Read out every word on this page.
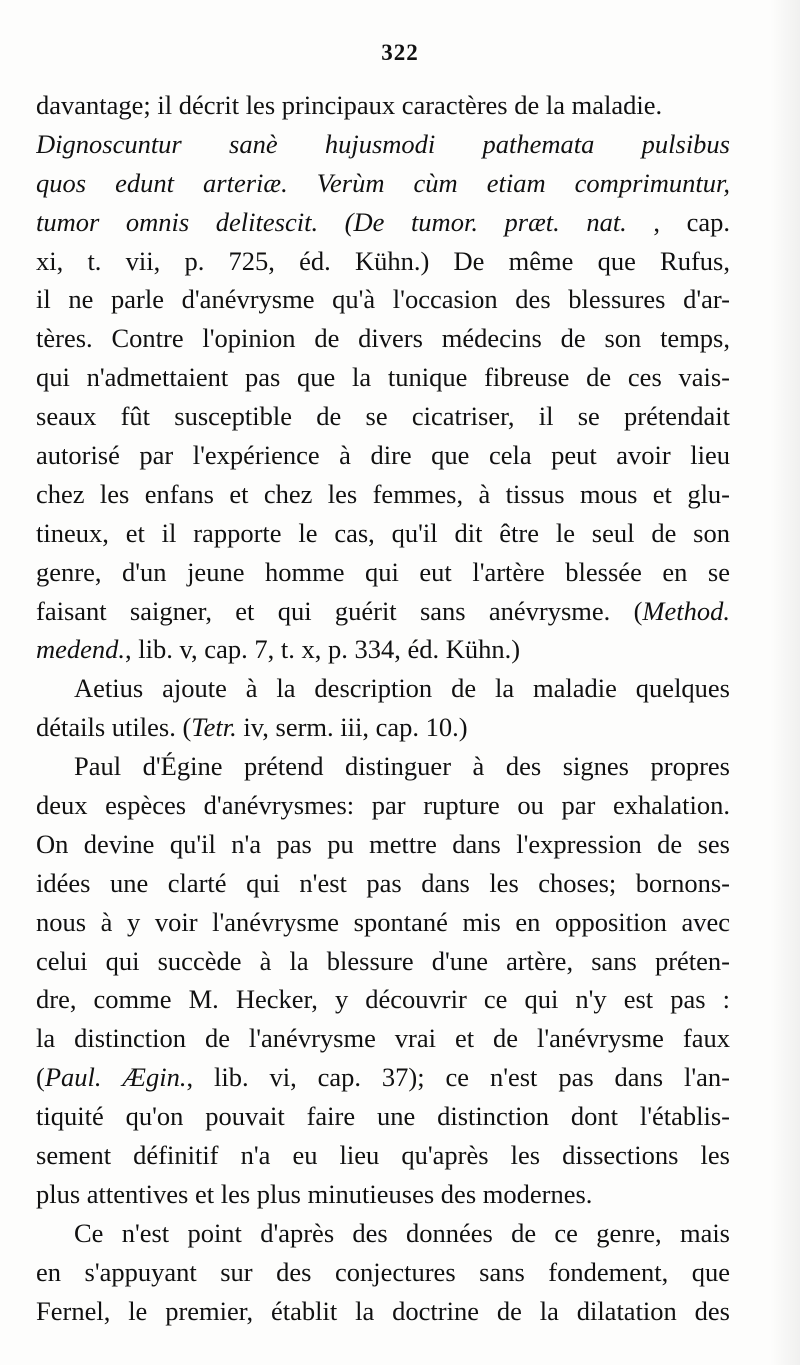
322
davantage; il décrit les principaux caractères de la maladie.
Dignoscuntur sanè hujusmodi pathemata pulsibus
quos edunt arteriæ. Verùm cùm etiam comprimuntur,
tumor omnis delitescit. (De tumor. præt. nat. , cap.
xi, t. vii, p. 725, éd. Kühn.) De même que Rufus,
il ne parle d'anévrysme qu'à l'occasion des blessures d'ar-
tères. Contre l'opinion de divers médecins de son temps,
qui n'admettaient pas que la tunique fibreuse de ces vais-
seaux fût susceptible de se cicatriser, il se prétendait
autorisé par l'expérience à dire que cela peut avoir lieu
chez les enfans et chez les femmes, à tissus mous et glu-
tineux, et il rapporte le cas, qu'il dit être le seul de son
genre, d'un jeune homme qui eut l'artère blessée en se
faisant saigner, et qui guérit sans anévrysme. (Method.
medend., lib. v, cap. 7, t. x, p. 334, éd. Kühn.)
Aetius ajoute à la description de la maladie quelques
détails utiles. (Tetr. iv, serm. iii, cap. 10.)
Paul d'Égine prétend distinguer à des signes propres
deux espèces d'anévrysmes: par rupture ou par exhalation.
On devine qu'il n'a pas pu mettre dans l'expression de ses
idées une clarté qui n'est pas dans les choses; bornons-
nous à y voir l'anévrysme spontané mis en opposition avec
celui qui succède à la blessure d'une artère, sans préten-
dre, comme M. Hecker, y découvrir ce qui n'y est pas :
la distinction de l'anévrysme vrai et de l'anévrysme faux
(Paul. Ægin., lib. vi, cap. 37); ce n'est pas dans l'an-
tiquité qu'on pouvait faire une distinction dont l'établis-
sement définitif n'a eu lieu qu'après les dissections les
plus attentives et les plus minutieuses des modernes.
Ce n'est point d'après des données de ce genre, mais
en s'appuyant sur des conjectures sans fondement, que
Fernel, le premier, établit la doctrine de la dilatation des
